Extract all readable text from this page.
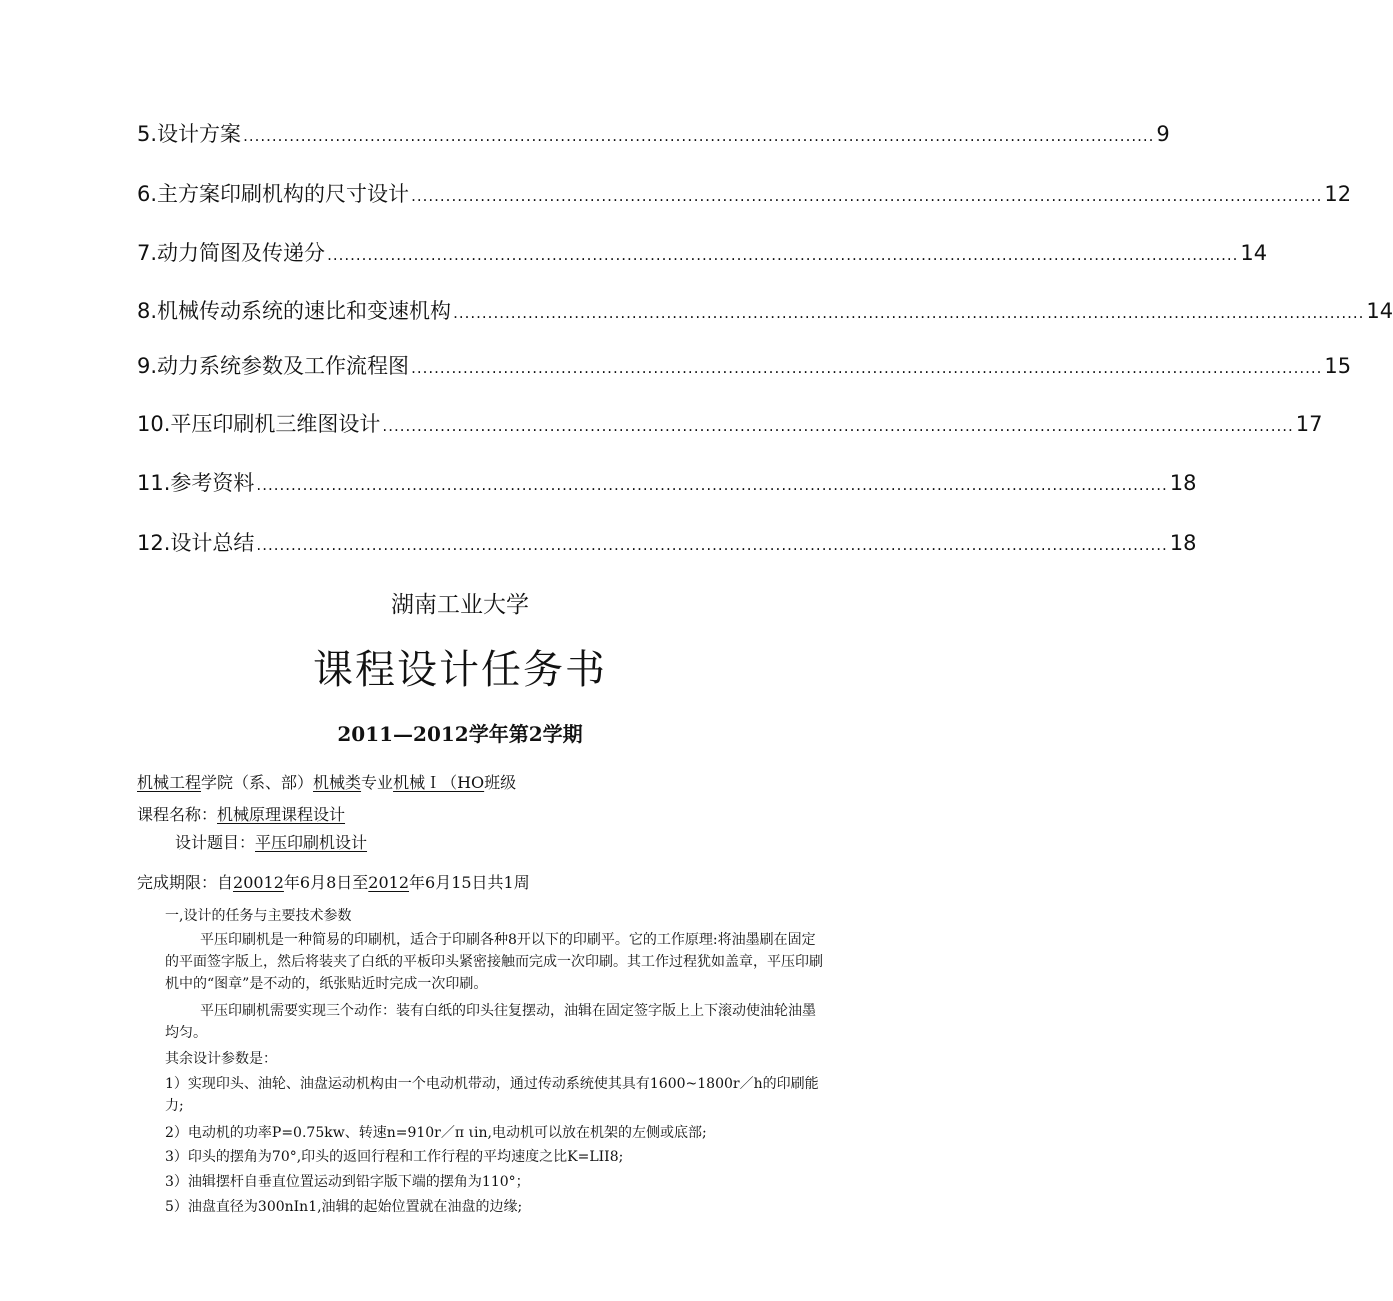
5 .设计方案 .............................................................................................................................................................. 9
6 .主方案印刷机构的尺寸设计 .............................................................................................................................................................. 12
7 .动力简图及传递分 .............................................................................................................................................................. 14
8 .机械传动系统的速比和变速机构 .............................................................................................................................................................. 14
9 .动力系统参数及工作流程图 .............................................................................................................................................................. 15
10 .平压印刷机三维图设计 .............................................................................................................................................................. 17
11 .参考资料 .............................................................................................................................................................. 18
12 .设计总结 .............................................................................................................................................................. 18
湖南工业大学
课程设计任务书
2011—2012学年第2学期
机械工程学院（系、部）机械类专业机械Ｉ（HO班级
课程名称：机械原理课程设计
设计题目：平压印刷机设计
完成期限：自20012年6月8日至2012年6月15日共1周
一,设计的任务与主要技术参数
平压印刷机是一种简易的印刷机，适合于印刷各种8开以下的印刷平。它的工作原理:将油墨刷在固定的平面签字版上，然后将装夹了白纸的平板印头紧密接触而完成一次印刷。其工作过程犹如盖章，平压印刷机中的“图章”是不动的，纸张贴近时完成一次印刷。
平压印刷机需要实现三个动作：装有白纸的印头往复摆动，油辑在固定签字版上上下滚动使油轮油墨均匀。
其余设计参数是：
1）实现印头、油轮、油盘运动机构由一个电动机带动，通过传动系统使其具有1600~1800r／h的印刷能力;
2）电动机的功率P=0.75kw、转速n=910r／π ιin,电动机可以放在机架的左侧或底部;
3）印头的摆角为70°,印头的返回行程和工作行程的平均速度之比K=LII8;
3）油辑摆杆自垂直位置运动到铅字版下端的摆角为110°；
5）油盘直径为300nIn1,油辑的起始位置就在油盘的边缘;
